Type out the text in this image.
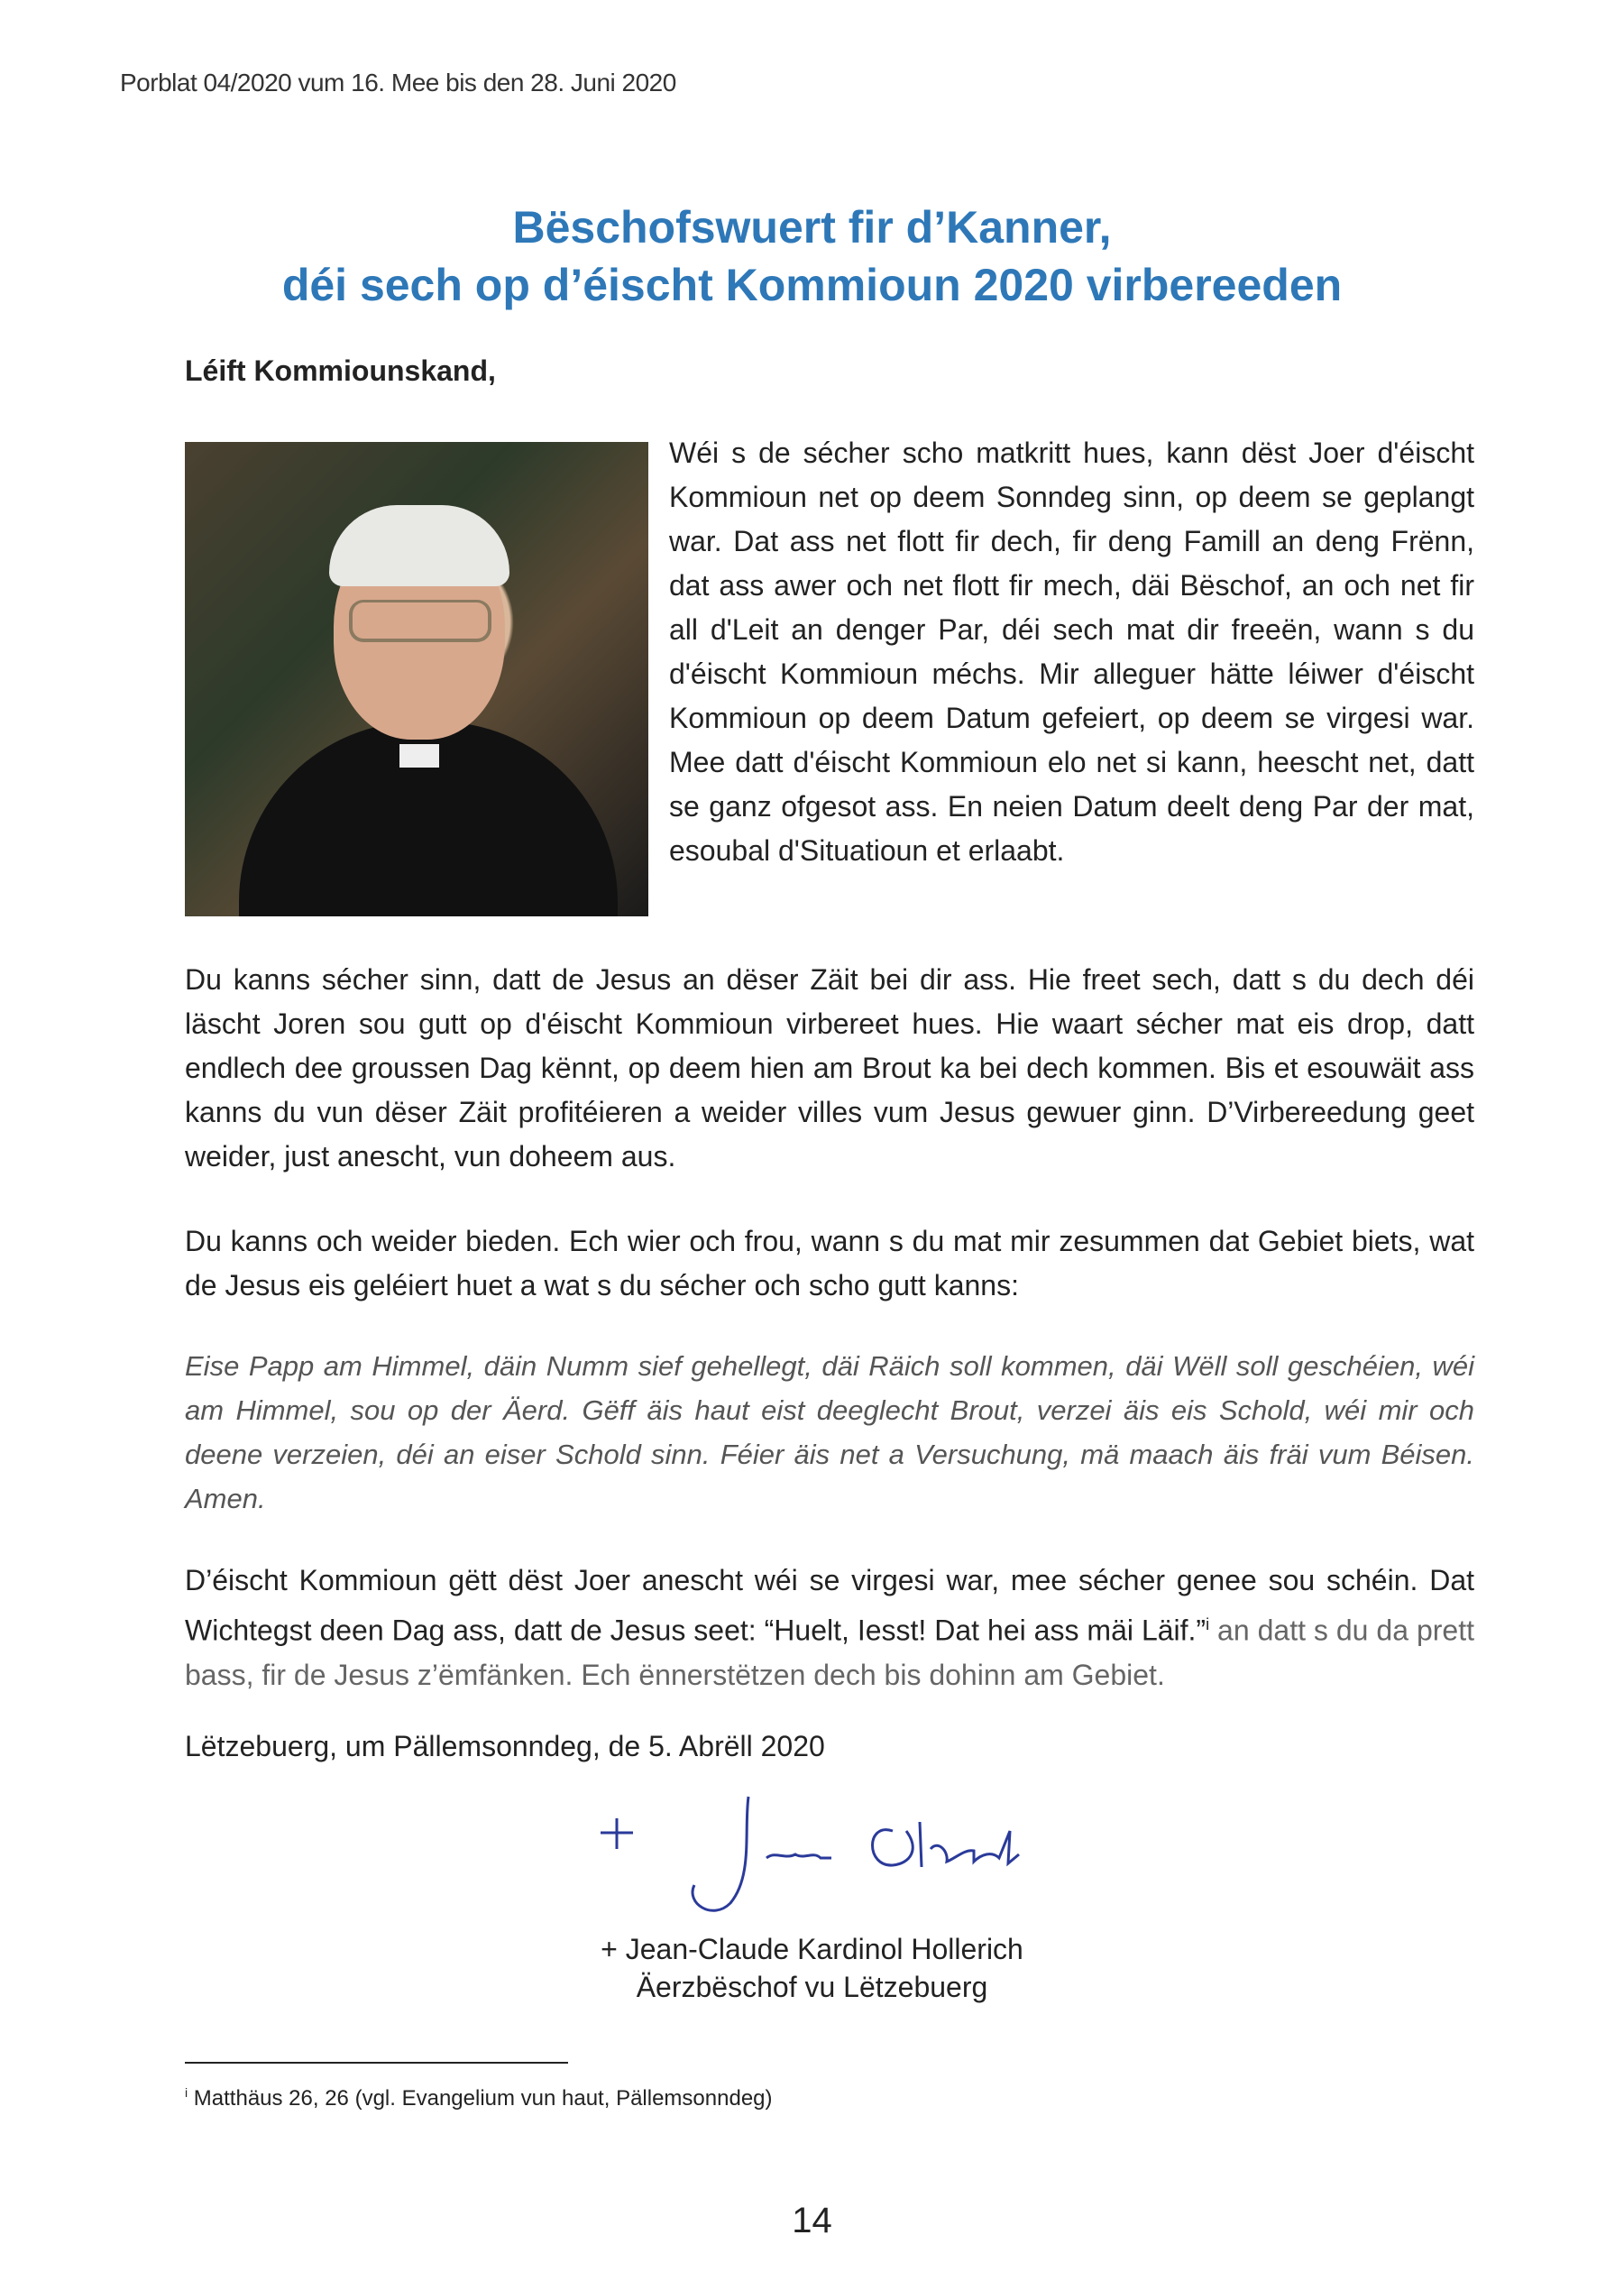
Porblat 04/2020 vum 16. Mee bis den 28. Juni 2020
Bëschofswuert fir d’Kanner,
déi sech op d’éischt Kommioun 2020 virbereeden
Léift Kommiounskand,
Wéi s de sécher scho matkritt hues, kann dëst Joer d'éischt Kommioun net op deem Sonndeg sinn, op deem se geplangt war. Dat ass net flott fir dech, fir deng Famill an deng Frënn, dat ass awer och net flott fir mech, däi Bëschof, an och net fir all d'Leit an denger Par, déi sech mat dir freeën, wann s du d'éischt Kommioun méchs. Mir alleguer hätte léiwer d'éischt Kommioun op deem Datum gefeiert, op deem se virgesi war. Mee datt d'éischt Kommioun elo net si kann, heescht net, datt se ganz ofgesot ass. En neien Datum deelt deng Par der mat, esoubal d'Situatioun et erlaabt.
Du kanns sécher sinn, datt de Jesus an dëser Zäit bei dir ass. Hie freet sech, datt s du dech déi läscht Joren sou gutt op d'éischt Kommioun virbereet hues. Hie waart sécher mat eis drop, datt endlech dee groussen Dag kënnt, op deem hien am Brout ka bei dech kommen. Bis et esouwäit ass kanns du vun dëser Zäit profitéieren a weider villes vum Jesus gewuer ginn. D’Virbereedung geet weider, just anescht, vun doheem aus.
Du kanns och weider bieden. Ech wier och frou, wann s du mat mir zesummen dat Gebiet biets, wat de Jesus eis geléiert huet a wat s du sécher och scho gutt kanns:
Eise Papp am Himmel, däin Numm sief gehellegt, däi Räich soll kommen, däi Wëll soll geschéien, wéi am Himmel, sou op der Äerd. Gëff äis haut eist deeglecht Brout, verzei äis eis Schold, wéi mir och deene verzeien, déi an eiser Schold sinn. Féier äis net a Versuchung, mä maach äis fräi vum Béisen. Amen.
D’éischt Kommioun gëtt dëst Joer anescht wéi se virgesi war, mee sécher genee sou schéin. Dat Wichtegst deen Dag ass, datt de Jesus seet: “Huelt, Iesst! Dat hei ass mäi Läif.”$^i$ an datt s du da prett bass, fir de Jesus z’ëmfänken. Ech ënnerstëtzen dech bis dohinn am Gebiet.
Lëtzebuerg, um Pällemsonndeg, de 5. Abrëll 2020
+ Jean-Claude Kardinol Hollerich
Äerzbëschof vu Lëtzebuerg
$^i$ Matthäus 26, 26 (vgl. Evangelium vun haut, Pällemsonndeg)
14
